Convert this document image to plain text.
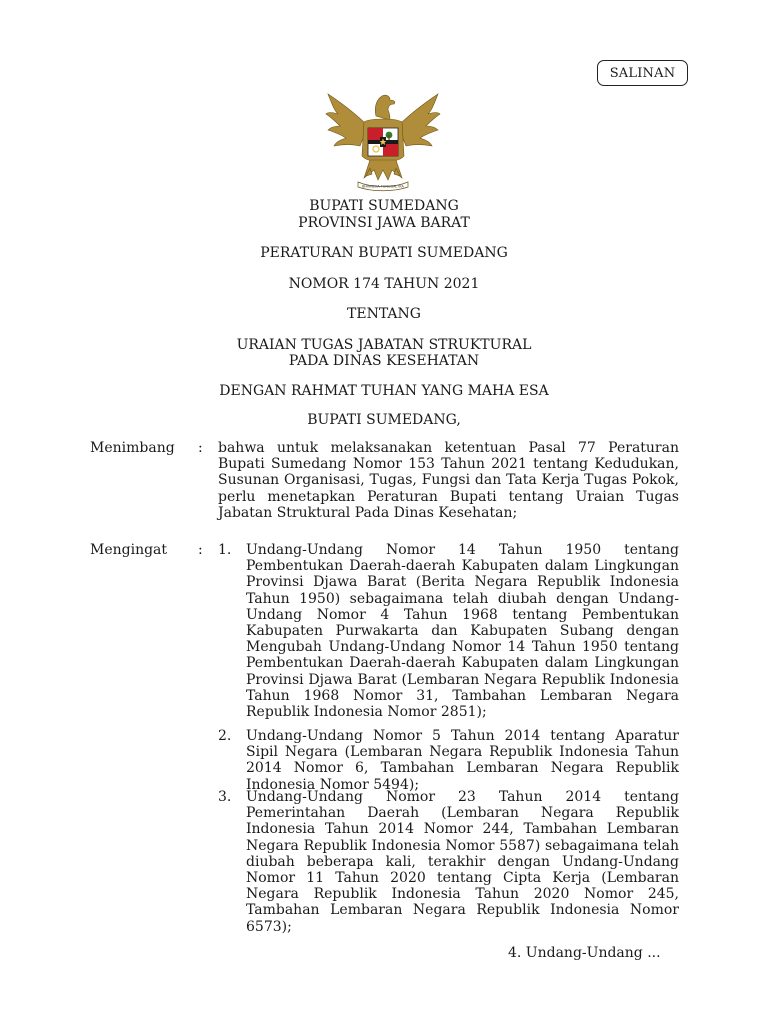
SALINAN
BHINNEKA TUNGGAL IKA
BUPATI SUMEDANG
PROVINSI JAWA BARAT
PERATURAN BUPATI SUMEDANG
NOMOR 174 TAHUN 2021
TENTANG
URAIAN TUGAS JABATAN STRUKTURAL
PADA DINAS KESEHATAN
DENGAN RAHMAT TUHAN YANG MAHA ESA
BUPATI SUMEDANG,
Menimbang : bahwa untuk melaksanakan ketentuan Pasal 77 Peraturan Bupati Sumedang Nomor 153 Tahun 2021 tentang Kedudukan, Susunan Organisasi, Tugas, Fungsi dan Tata Kerja Tugas Pokok, perlu menetapkan Peraturan Bupati tentang Uraian Tugas Jabatan Struktural Pada Dinas Kesehatan;

Mengingat : 1. Undang-Undang Nomor 14 Tahun 1950 tentang Pembentukan Daerah-daerah Kabupaten dalam Lingkungan Provinsi Djawa Barat (Berita Negara Republik Indonesia Tahun 1950) sebagaimana telah diubah dengan Undang-Undang Nomor 4 Tahun 1968 tentang Pembentukan Kabupaten Purwakarta dan Kabupaten Subang dengan Mengubah Undang-Undang Nomor 14 Tahun 1950 tentang Pembentukan Daerah-daerah Kabupaten dalam Lingkungan Provinsi Djawa Barat (Lembaran Negara Republik Indonesia Tahun 1968 Nomor 31, Tambahan Lembaran Negara Republik Indonesia Nomor 2851);

2. Undang-Undang Nomor 5 Tahun 2014 tentang Aparatur Sipil Negara (Lembaran Negara Republik Indonesia Tahun 2014 Nomor 6, Tambahan Lembaran Negara Republik Indonesia Nomor 5494);

3. Undang-Undang Nomor 23 Tahun 2014 tentang Pemerintahan Daerah (Lembaran Negara Republik Indonesia Tahun 2014 Nomor 244, Tambahan Lembaran Negara Republik Indonesia Nomor 5587) sebagaimana telah diubah beberapa kali, terakhir dengan Undang-Undang Nomor 11 Tahun 2020 tentang Cipta Kerja (Lembaran Negara Republik Indonesia Tahun 2020 Nomor 245, Tambahan Lembaran Negara Republik Indonesia Nomor 6573);

4. Undang-Undang ...
